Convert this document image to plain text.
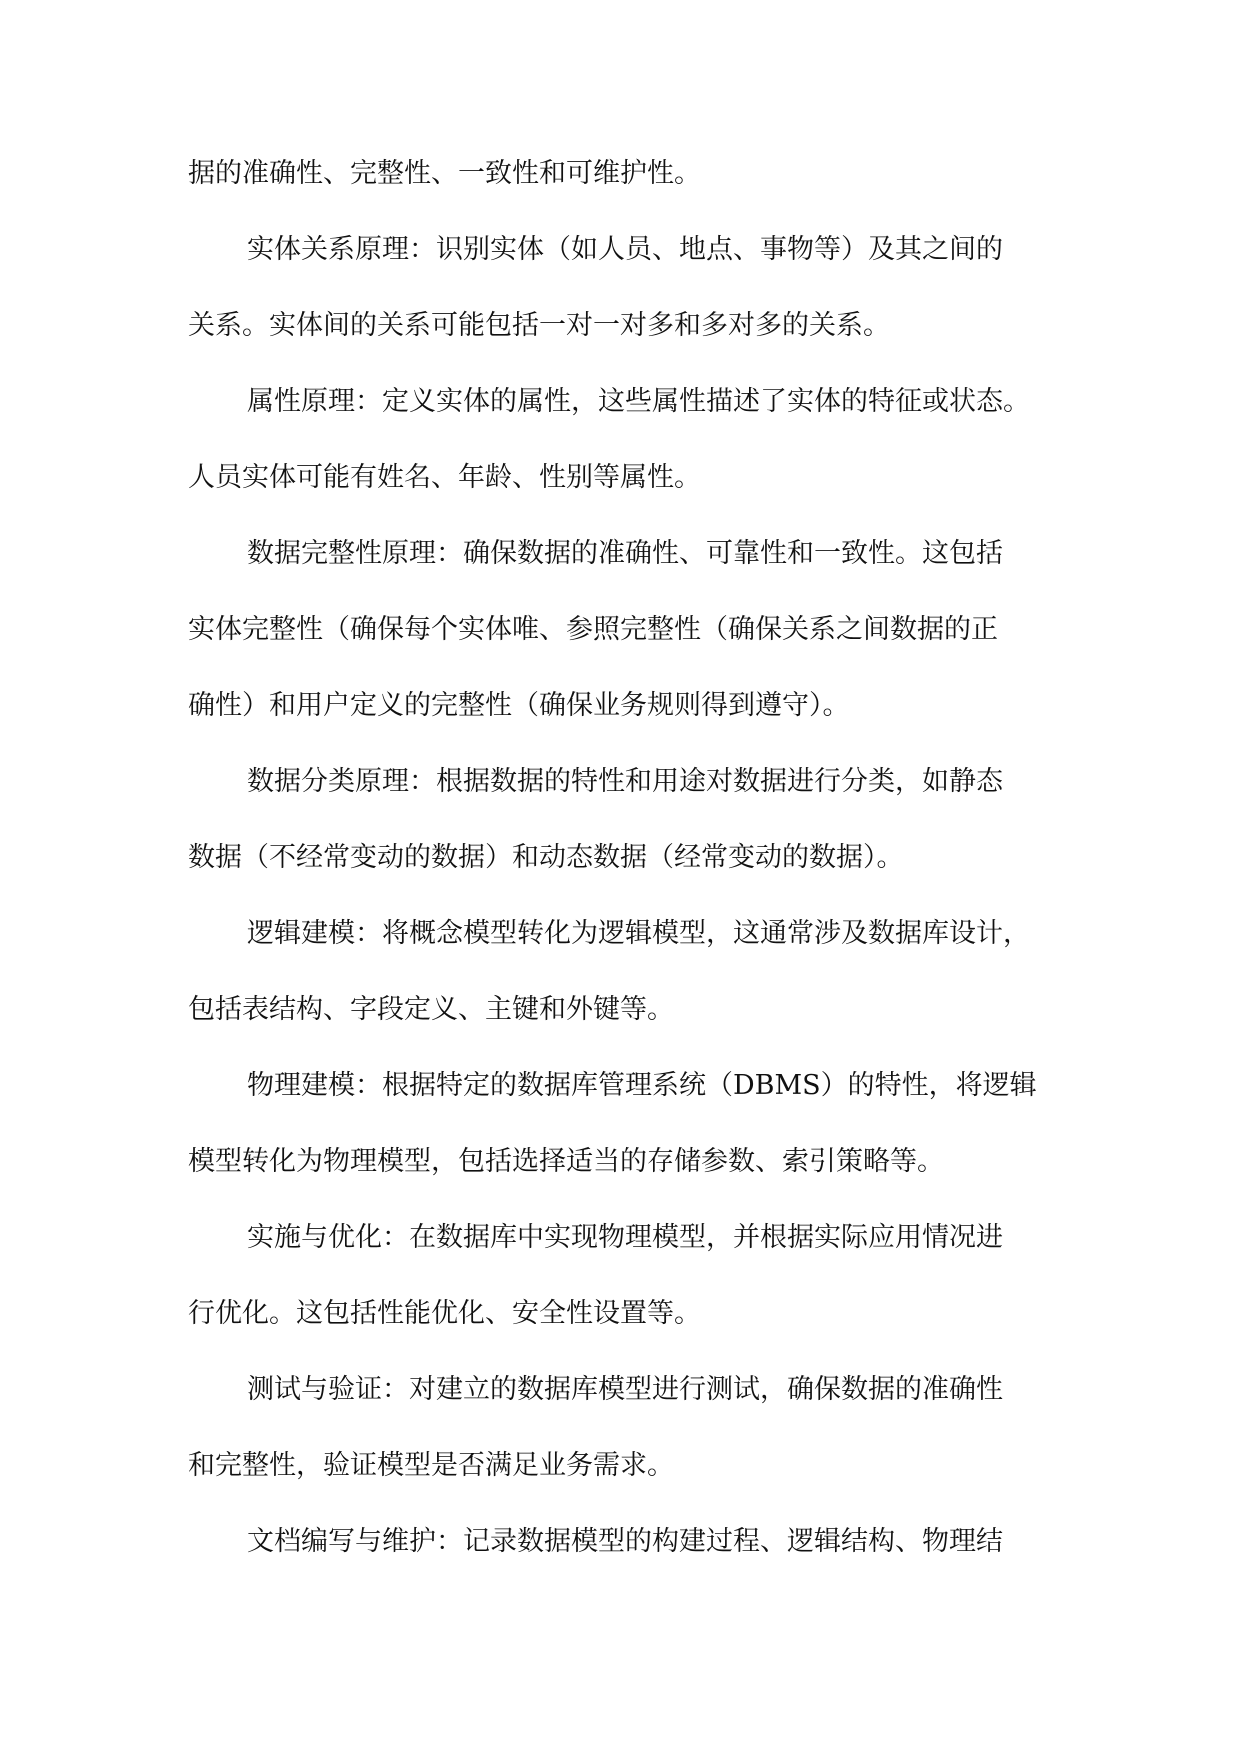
据的准确性、完整性、一致性和可维护性。
实体关系原理：识别实体（如人员、地点、事物等）及其之间的
关系。实体间的关系可能包括一对一对多和多对多的关系。
属性原理：定义实体的属性，这些属性描述了实体的特征或状态。
人员实体可能有姓名、年龄、性别等属性。
数据完整性原理：确保数据的准确性、可靠性和一致性。这包括
实体完整性（确保每个实体唯、参照完整性（确保关系之间数据的正
确性）和用户定义的完整性（确保业务规则得到遵守）。
数据分类原理：根据数据的特性和用途对数据进行分类，如静态
数据（不经常变动的数据）和动态数据（经常变动的数据）。
逻辑建模：将概念模型转化为逻辑模型，这通常涉及数据库设计，
包括表结构、字段定义、主键和外键等。
物理建模：根据特定的数据库管理系统（DBMS）的特性，将逻辑
模型转化为物理模型，包括选择适当的存储参数、索引策略等。
实施与优化：在数据库中实现物理模型，并根据实际应用情况进
行优化。这包括性能优化、安全性设置等。
测试与验证：对建立的数据库模型进行测试，确保数据的准确性
和完整性，验证模型是否满足业务需求。
文档编写与维护：记录数据模型的构建过程、逻辑结构、物理结
